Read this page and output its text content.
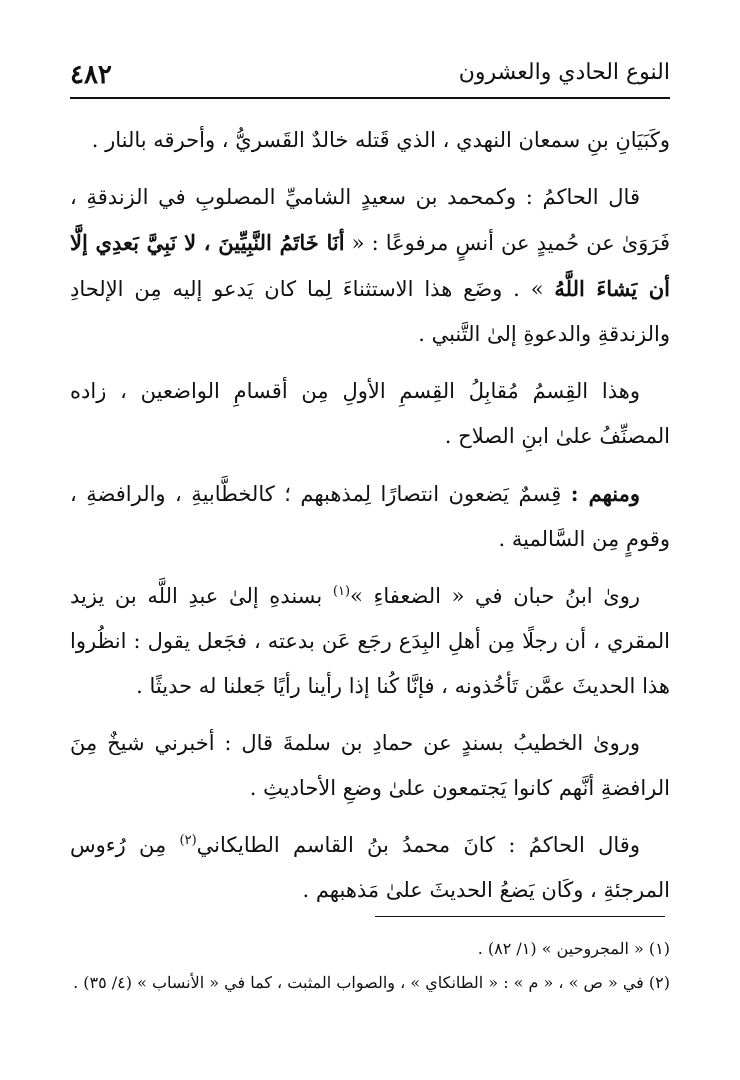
النوع الحادي والعشرون
٤٨٢

وكَبَيَانِ بنِ سمعان النهدي ، الذي قَتله خالدٌ القَسريُّ ، وأحرقه بالنار .

قال الحاكمُ : وكمحمد بن سعيدٍ الشاميِّ المصلوبِ في الزندقةِ ، فَرَوَىٰ عن حُميدٍ عن أنسٍ مرفوعًا : « أنَا خَاتَمُ النَّبِيِّينَ ، لا نَبِيَّ بَعدِي إلَّا أن يَشاءَ اللَّهُ » . وضَع هذا الاستثناءَ لِما كان يَدعو إليه مِن الإلحادِ والزندقةِ والدعوةِ إلىٰ التَّنبي .

وهذا القِسمُ مُقابِلُ القِسمِ الأولِ مِن أقسامِ الواضعين ، زاده المصنِّفُ علىٰ ابنِ الصلاح .

ومنهم : قِسمٌ يَضعون انتصارًا لِمذهبهم ؛ كالخطَّابيةِ ، والرافضةِ ، وقومٍ مِن السَّالمية .

روىٰ ابنُ حبان في « الضعفاءِ »$^{(١)}$ بسندهِ إلىٰ عبدِ اللَّه بن يزيد المقري ، أن رجلًا مِن أهلِ البِدَع رجَع عَن بدعته ، فجَعل يقول : انظُروا هذا الحديثَ عمَّن تَأخُذونه ، فإنَّا كُنا إذا رأينا رأيًا جَعلنا له حديثًا .

وروىٰ الخطيبُ بسندٍ عن حمادِ بن سلمةَ قال : أخبرني شيخٌ مِنَ الرافضةِ أنَّهم كانوا يَجتمعون علىٰ وضعِ الأحاديثِ .

وقال الحاكمُ : كانَ محمدُ بنُ القاسم الطايكاني$^{(٢)}$ مِن رُءوس المرجئةِ ، وكَان يَضعُ الحديثَ علىٰ مَذهبهم .

(١) « المجروحين » (١/ ٨٢) .
(٢) في « ص » ، « م » : « الطانكاي » ، والصواب المثبت ، كما في « الأنساب » (٤/ ٣٥) .
